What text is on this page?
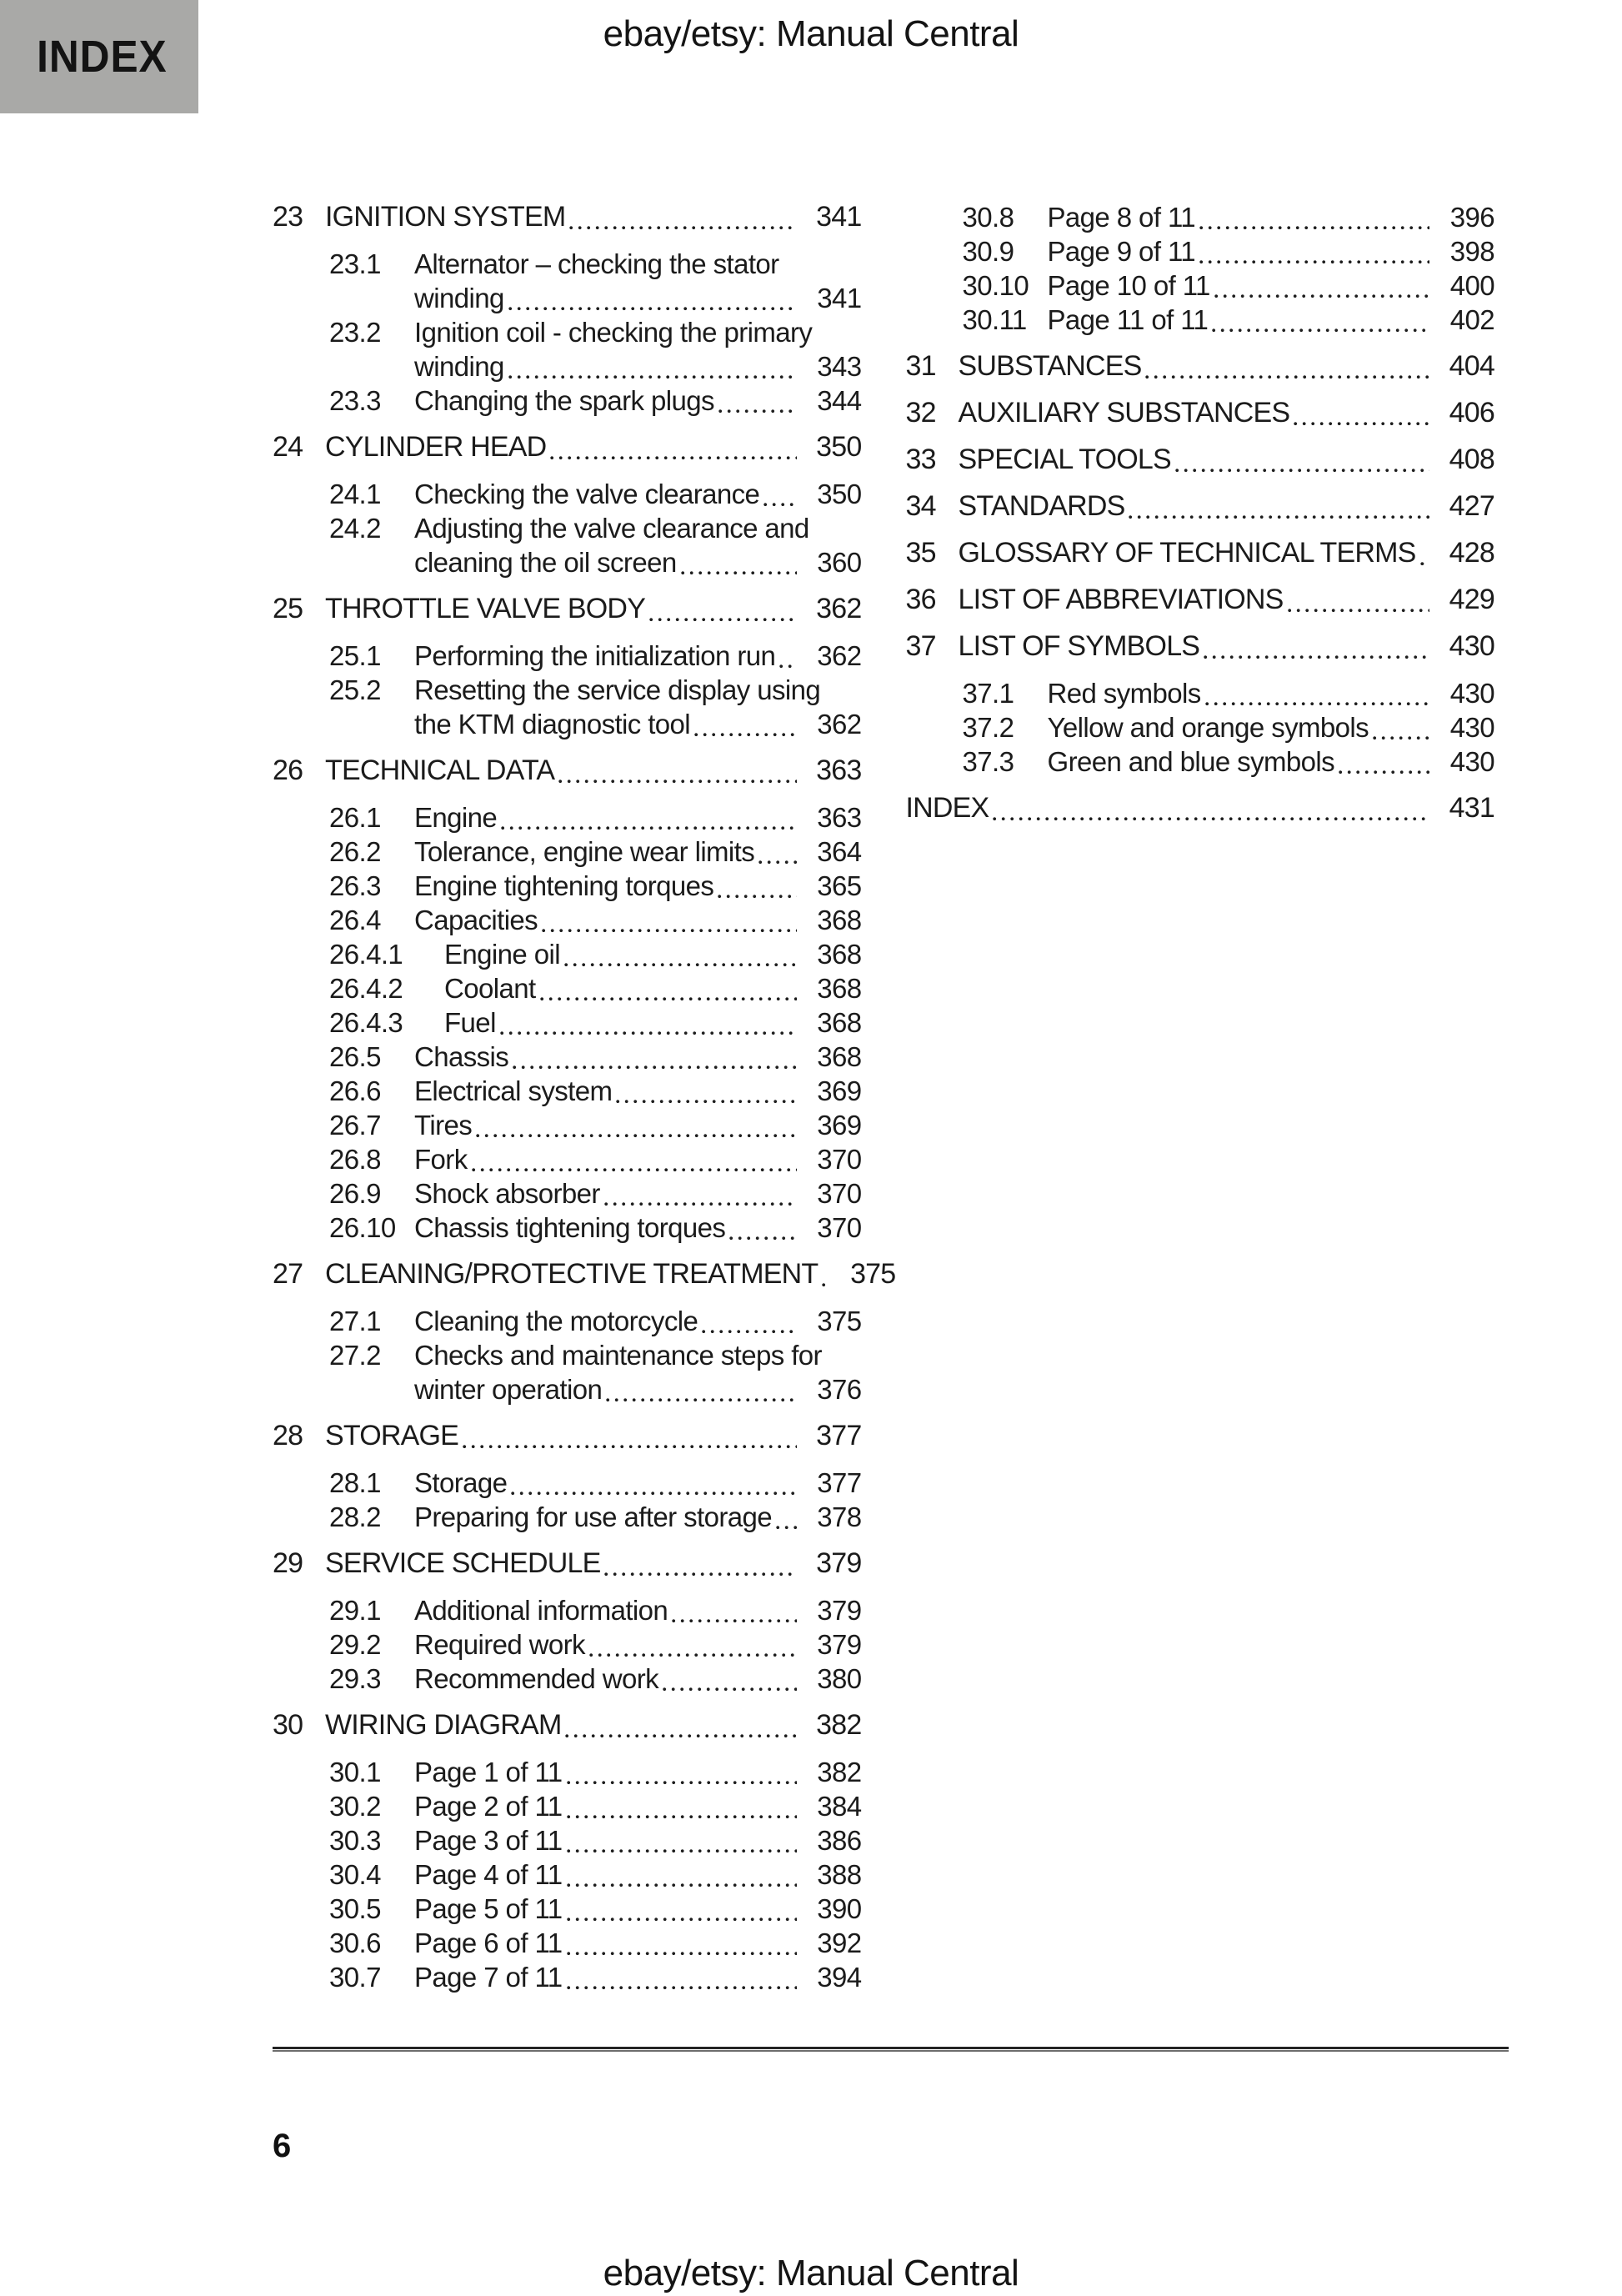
INDEX	ebay/etsy: Manual Central
23 IGNITION SYSTEM	341
23.1	Alternator – checking the stator
winding	341
23.2	Ignition coil - checking the primary
winding	343
23.3	Changing the spark plugs	344
24 CYLINDER HEAD	350
24.1	Checking the valve clearance	350
24.2	Adjusting the valve clearance and
cleaning the oil screen	360
25 THROTTLE VALVE BODY	362
25.1	Performing the initialization run	362
25.2	Resetting the service display using
the KTM diagnostic tool	362
26 TECHNICAL DATA	363
26.1	Engine	363
26.2	Tolerance, engine wear limits	364
26.3	Engine tightening torques	365
26.4	Capacities	368
26.4.1	Engine oil	368
26.4.2	Coolant	368
26.4.3	Fuel	368
26.5	Chassis	368
26.6	Electrical system	369
26.7	Tires	369
26.8	Fork	370
26.9	Shock absorber	370
26.10 Chassis tightening torques	370
27 CLEANING/PROTECTIVE TREATMENT	375
27.1	Cleaning the motorcycle	375
27.2	Checks and maintenance steps for
winter operation	376
28 STORAGE	377
28.1	Storage	377
28.2	Preparing for use after storage	378
29 SERVICE SCHEDULE	379
29.1	Additional information	379
29.2	Required work	379
29.3	Recommended work	380
30 WIRING DIAGRAM	382
30.1	Page 1 of 11	382
30.2	Page 2 of 11	384
30.3	Page 3 of 11	386
30.4	Page 4 of 11	388
30.5	Page 5 of 11	390
30.6	Page 6 of 11	392
30.7	Page 7 of 11	394
30.8	Page 8 of 11	396
30.9	Page 9 of 11	398
30.10 Page 10 of 11	400
30.11 Page 11 of 11	402
31 SUBSTANCES	404
32 AUXILIARY SUBSTANCES	406
33 SPECIAL TOOLS	408
34 STANDARDS	427
35 GLOSSARY OF TECHNICAL TERMS	428
36 LIST OF ABBREVIATIONS	429
37 LIST OF SYMBOLS	430
37.1	Red symbols	430
37.2	Yellow and orange symbols	430
37.3	Green and blue symbols	430
INDEX	431
6
ebay/etsy: Manual Central
